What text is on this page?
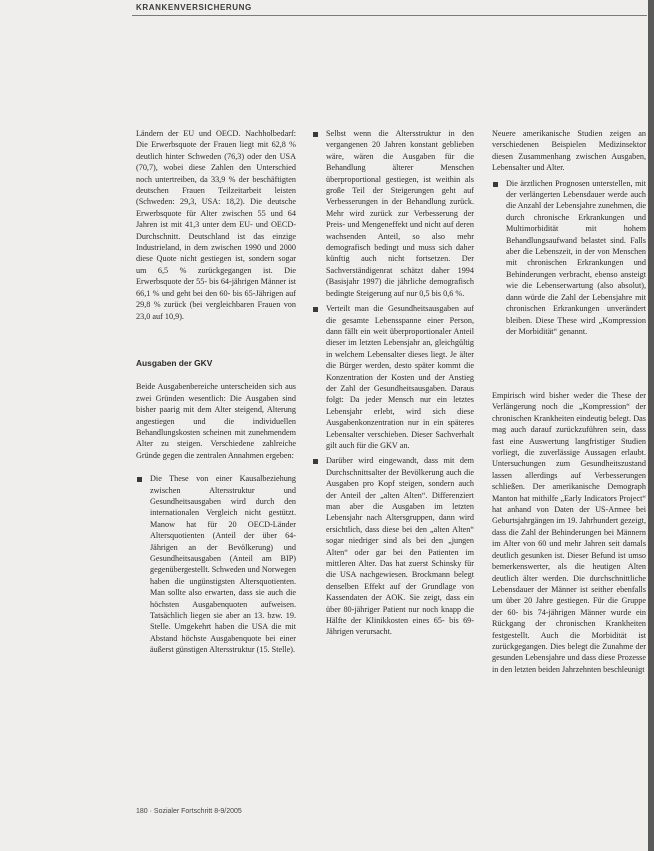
KRANKENVERSICHERUNG

Ländern der EU und OECD. Nachholbedarf: Die Erwerbsquote der Frauen liegt mit 62,8 % deutlich hinter Schweden (76,3) oder den USA (70,7), wobei diese Zahlen den Unterschied noch untertreiben, da 33,9 % der beschäftigten deutschen Frauen Teilzeitarbeit leisten (Schweden: 29,3, USA: 18,2). Die deutsche Erwerbsquote für Alter zwischen 55 und 64 Jahren ist mit 41,3 unter dem EU- und OECD-Durchschnitt. Deutschland ist das einzige Industrieland, in dem zwischen 1990 und 2000 diese Quote nicht gestiegen ist, sondern sogar um 6,5 % zurückgegangen ist. Die Erwerbsquote der 55- bis 64-jährigen Männer ist 66,1 % und geht bei den 60- bis 65-Jährigen auf 29,8 % zurück (bei vergleichbaren Frauen von 23,0 auf 10,9).

Ausgaben der GKV

Beide Ausgabenbereiche unterscheiden sich aus zwei Gründen wesentlich: Die Ausgaben sind bisher paarig mit dem Alter steigend, Alterung angestiegen und die individuellen Behandlungskosten scheinen mit zunehmendem Alter zu steigen. Verschiedene zahlreiche Gründe gegen die zentralen Annahmen ergeben:

Die These von einer Kausalbeziehung zwischen Altersstruktur und Gesundheitsausgaben wird durch den internationalen Vergleich nicht gestützt. Manow hat für 20 OECD-Länder Altersquotienten (Anteil der über 64-Jährigen an der Bevölkerung) und Gesundheitsausgaben (Anteil am BIP) gegenübergestellt. Schweden und Norwegen haben die ungünstigsten Altersquotienten. Man sollte also erwarten, dass sie auch die höchsten Ausgabenquoten aufweisen. Tatsächlich liegen sie aber an 13. bzw. 19. Stelle. Umgekehrt haben die USA die mit Abstand höchste Ausgabenquote bei einer äußerst günstigen Altersstruktur (15. Stelle).
Selbst wenn die Altersstruktur in den vergangenen 20 Jahren konstant geblieben wäre, wären die Ausgaben für die Behandlung älterer Menschen überproportional gestiegen, ist weithin als große Teil der Steigerungen geht auf Verbesserungen in der Behandlung zurück. Mehr wird zurück zur Verbesserung der Preis- und Mengeneffekt und nicht auf deren wachsenden Anteil, so also mehr demografisch bedingt und muss sich daher künftig auch nicht fortsetzen. Der Sachverständigenrat schätzt daher 1994 (Basisjahr 1997) die jährliche demografisch bedingte Steigerung auf nur 0,5 bis 0,6 %.
Verteilt man die Gesundheitsausgaben auf die gesamte Lebensspanne einer Person, dann fällt ein weit überproportionaler Anteil dieser im letzten Lebensjahr an, gleichgültig in welchem Lebensalter dieses liegt. Je älter die Bürger werden, desto später kommt die Konzentration der Kosten und der Anstieg der Zahl der Gesundheitsausgaben. Daraus folgt: Da jeder Mensch nur ein letztes Lebensjahr erlebt, wird sich diese Ausgabenkonzentration nur in ein späteres Lebensalter verschieben. Dieser Sachverhalt gilt auch für die GKV an.
Darüber wird eingewandt, dass mit dem Durchschnittsalter der Bevölkerung auch die Ausgaben pro Kopf steigen, sondern auch der Anteil der „alten Alten“. Differenziert man aber die Ausgaben im letzten Lebensjahr nach Altersgruppen, dann wird ersichtlich, dass diese bei den „alten Alten“ sogar niedriger sind als bei den „jungen Alten“ oder gar bei den Patienten im mittleren Alter. Das hat zuerst Schinsky für die USA nachgewiesen. Brockmann belegt denselben Effekt auf der Grundlage von Kassendaten der AOK. Sie zeigt, dass ein über 80-jähriger Patient nur noch knapp die Hälfte der Klinikkosten eines 65- bis 69-Jährigen verursacht.

Neuere amerikanische Studien zeigen an verschiedenen Beispielen Medizinsektor diesen Zusammenhang zwischen Ausgaben, Lebensalter und Alter.

Die ärztlichen Prognosen unterstellen, mit der verlängerten Lebensdauer werde auch die Anzahl der Lebensjahre zunehmen, die durch chronische Erkrankungen und Multimorbidität mit hohem Behandlungsaufwand belastet sind. Falls aber die Lebenszeit, in der von Menschen mit chronischen Erkrankungen und Behinderungen verbracht, ebenso ansteigt wie die Lebenserwartung (also absolut), dann würde die Zahl der Lebensjahre mit chronischen Erkrankungen unverändert bleiben. Diese These wird „Kompression der Morbidität“ genannt.

Empirisch wird bisher weder die These der Verlängerung noch die „Kompression“ der chronischen Krankheiten eindeutig belegt. Das mag auch darauf zurückzuführen sein, dass fast eine Auswertung langfristiger Studien vorliegt, die zuverlässige Aussagen erlaubt. Untersuchungen zum Gesundheitszustand lassen allerdings auf Verbesserungen schließen. Der amerikanische Demograph Manton hat mithilfe „Early Indicators Project“ hat anhand von Daten der US-Armee bei Geburtsjahrgängen im 19. Jahrhundert gezeigt, dass die Zahl der Behinderungen bei Männern im Alter von 60 und mehr Jahren seit damals deutlich gesunken ist. Dieser Befund ist umso bemerkenswerter, als die heutigen Alten deutlich älter werden. Die durchschnittliche Lebensdauer der Männer ist seither ebenfalls um über 20 Jahre gestiegen. Für die Gruppe der 60- bis 74-jährigen Männer wurde ein Rückgang der chronischen Krankheiten festgestellt. Auch die Morbidität ist zurückgegangen. Dies belegt die Zunahme der gesunden Lebensjahre und dass diese Prozesse in den letzten beiden Jahrzehnten beschleunigt

180 · Sozialer Fortschritt 8-9/2005
